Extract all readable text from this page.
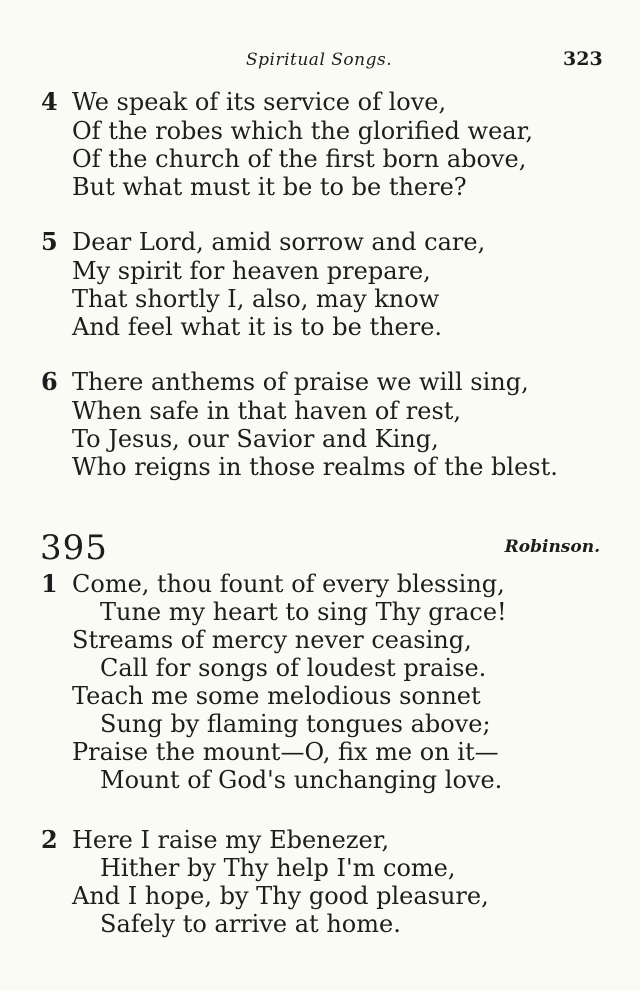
Spiritual Songs.	323
4 We speak of its service of love,
Of the robes which the glorified wear,
Of the church of the first born above,
But what must it be to be there?
5 Dear Lord, amid sorrow and care,
My spirit for heaven prepare,
That shortly I, also, may know
And feel what it is to be there.
6 There anthems of praise we will sing,
When safe in that haven of rest,
To Jesus, our Savior and King,
Who reigns in those realms of the blest.
395	Robinson.
1 Come, thou fount of every blessing,
Tune my heart to sing Thy grace!
Streams of mercy never ceasing,
Call for songs of loudest praise.
Teach me some melodious sonnet
Sung by flaming tongues above;
Praise the mount—O, fix me on it—
Mount of God's unchanging love.
2 Here I raise my Ebenezer,
Hither by Thy help I'm come,
And I hope, by Thy good pleasure,
Safely to arrive at home.
